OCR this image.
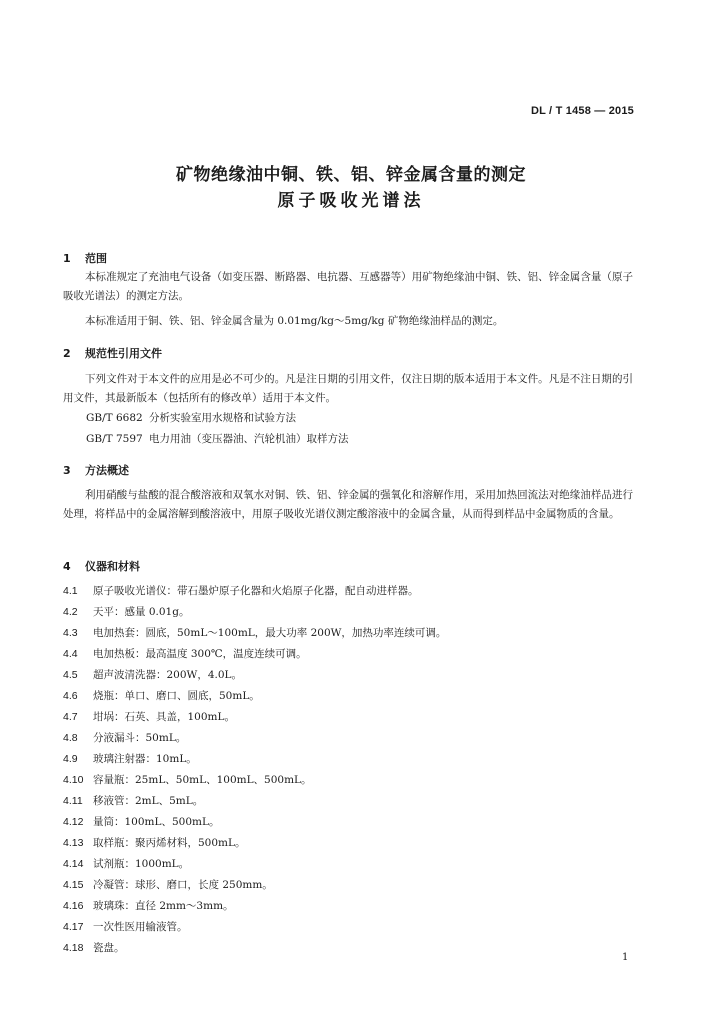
DL / T 1458 — 2015
矿物绝缘油中铜、铁、铝、锌金属含量的测定
原子吸收光谱法
1 范围

本标准规定了充油电气设备（如变压器、断路器、电抗器、互感器等）用矿物绝缘油中铜、铁、铝、锌金属含量（原子吸收光谱法）的测定方法。

本标准适用于铜、铁、铝、锌金属含量为 0.01mg/kg～5mg/kg 矿物绝缘油样品的测定。

2 规范性引用文件

下列文件对于本文件的应用是必不可少的。凡是注日期的引用文件，仅注日期的版本适用于本文件。凡是不注日期的引用文件，其最新版本（包括所有的修改单）适用于本文件。

GB/T 6682 分析实验室用水规格和试验方法
GB/T 7597 电力用油（变压器油、汽轮机油）取样方法
3 方法概述

利用硝酸与盐酸的混合酸溶液和双氧水对铜、铁、铝、锌金属的强氧化和溶解作用，采用加热回流法对绝缘油样品进行处理，将样品中的金属溶解到酸溶液中，用原子吸收光谱仪测定酸溶液中的金属含量，从而得到样品中金属物质的含量。

4 仪器和材料
4.1 原子吸收光谱仪：带石墨炉原子化器和火焰原子化器，配自动进样器。
4.2 天平：感量 0.01g。
4.3 电加热套：圆底，50mL～100mL，最大功率 200W，加热功率连续可调。
4.4 电加热板：最高温度 300℃，温度连续可调。
4.5 超声波清洗器：200W，4.0L。
4.6 烧瓶：单口、磨口、圆底，50mL。
4.7 坩埚：石英、具盖，100mL。
4.8 分液漏斗：50mL。
4.9 玻璃注射器：10mL。
4.10 容量瓶：25mL、50mL、100mL、500mL。
4.11 移液管：2mL、5mL。
4.12 量筒：100mL、500mL。
4.13 取样瓶：聚丙烯材料，500mL。
4.14 试剂瓶：1000mL。
4.15 冷凝管：球形、磨口，长度 250mm。
4.16 玻璃珠：直径 2mm～3mm。
4.17 一次性医用输液管。
4.18 瓷盘。
1
